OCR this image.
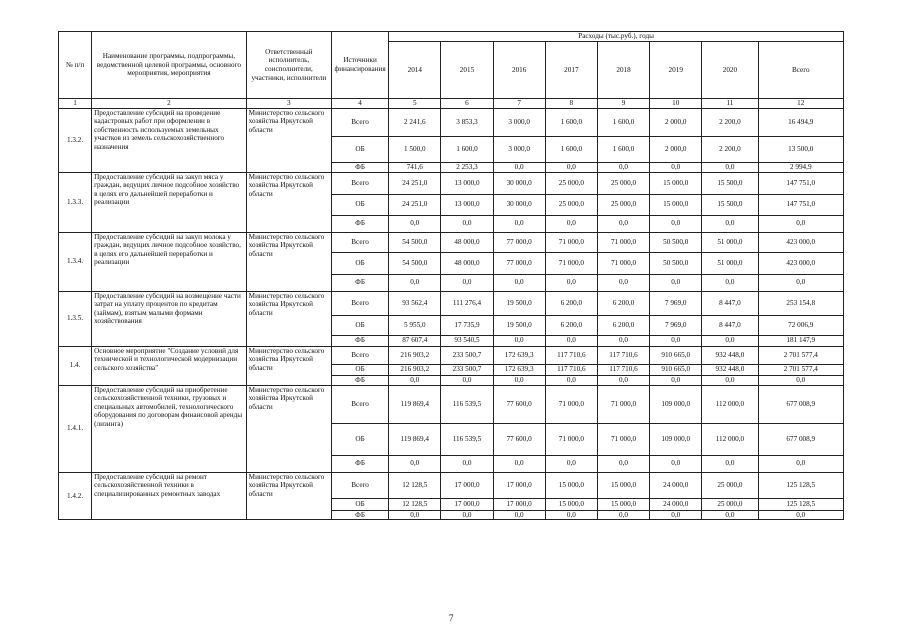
№ п/п	Наименование программы, подпрограммы, ведомственной целевой программы, основного мероприятия, мероприятия	Ответственный исполнитель, соисполнители, участники, исполнители	Источники финансирования	Расходы (тыс.руб.), годы							
				2014	2015	2016	2017	2018	2019	2020	Всего
1	2	3	4	5	6	7	8	9	10	11	12
1.3.2.	Предоставление субсидий на проведение кадастровых работ при оформлении в собственность используемых земельных участков из земель сельскохозяйственного назначения	Министерство сельского хозяйства Иркутской области	Всего	2 241,6	3 853,3	3 000,0	1 600,0	1 600,0	2 000,0	2 200,0	16 494,9
			ОБ	1 500,0	1 600,0	3 000,0	1 600,0	1 600,0	2 000,0	2 200,0	13 500,0
			ФБ	741,6	2 253,3	0,0	0,0	0,0	0,0	0,0	2 994,9
1.3.3.	Предоставление субсидий на закуп мяса у граждан, ведущих личное подсобное хозяйство в целях его дальнейшей переработки и реализации	Министерство сельского хозяйства Иркутской области	Всего	24 251,0	13 000,0	30 000,0	25 000,0	25 000,0	15 000,0	15 500,0	147 751,0
			ОБ	24 251,0	13 000,0	30 000,0	25 000,0	25 000,0	15 000,0	15 500,0	147 751,0
			ФБ	0,0	0,0	0,0	0,0	0,0	0,0	0,0	0,0
1.3.4.	Предоставление субсидий на закуп молока у граждан, ведущих личное подсобное хозяйство, в целях его дальнейшей переработки и реализации	Министерство сельского хозяйства Иркутской области	Всего	54 500,0	48 000,0	77 000,0	71 000,0	71 000,0	50 500,0	51 000,0	423 000,0
			ОБ	54 500,0	48 000,0	77 000,0	71 000,0	71 000,0	50 500,0	51 000,0	423 000,0
			ФБ	0,0	0,0	0,0	0,0	0,0	0,0	0,0	0,0
1.3.5.	Предоставление субсидий на возмещение части затрат на уплату процентов по кредитам (займам), взятым малыми формами хозяйствования	Министерство сельского хозяйства Иркутской области	Всего	93 562,4	111 276,4	19 500,0	6 200,0	6 200,0	7 969,0	8 447,0	253 154,8
			ОБ	5 955,0	17 735,9	19 500,0	6 200,0	6 200,0	7 969,0	8 447,0	72 006,9
			ФБ	87 607,4	93 540,5	0,0	0,0	0,0	0,0	0,0	181 147,9
1.4.	Основное мероприятие "Создание условий для технической и технологической модернизации сельского хозяйства"	Министерство сельского хозяйства Иркутской области	Всего	216 903,2	233 500,7	172 639,3	117 710,6	117 710,6	910 665,0	932 448,0	2 701 577,4
			ОБ	216 903,2	233 500,7	172 639,3	117 710,6	117 710,6	910 665,0	932 448,0	2 701 577,4
			ФБ	0,0	0,0	0,0	0,0	0,0	0,0	0,0	0,0
1.4.1.	Предоставление субсидий на приобретение сельскохозяйственной техники, грузовых и специальных автомобилей, технологического оборудования по договорам финансовой аренды (лизинга)	Министерство сельского хозяйства Иркутской области	Всего	119 869,4	116 539,5	77 600,0	71 000,0	71 000,0	109 000,0	112 000,0	677 008,9
			ОБ	119 869,4	116 539,5	77 600,0	71 000,0	71 000,0	109 000,0	112 000,0	677 008,9
			ФБ	0,0	0,0	0,0	0,0	0,0	0,0	0,0	0,0
1.4.2.	Предоставление субсидий на ремонт сельскохозяйственной техники в специализированных ремонтных заводах	Министерство сельского хозяйства Иркутской области	Всего	12 128,5	17 000,0	17 000,0	15 000,0	15 000,0	24 000,0	25 000,0	125 128,5
			ОБ	12 128,5	17 000,0	17 000,0	15 000,0	15 000,0	24 000,0	25 000,0	125 128,5
			ФБ	0,0	0,0	0,0	0,0	0,0	0,0	0,0	0,0
7
